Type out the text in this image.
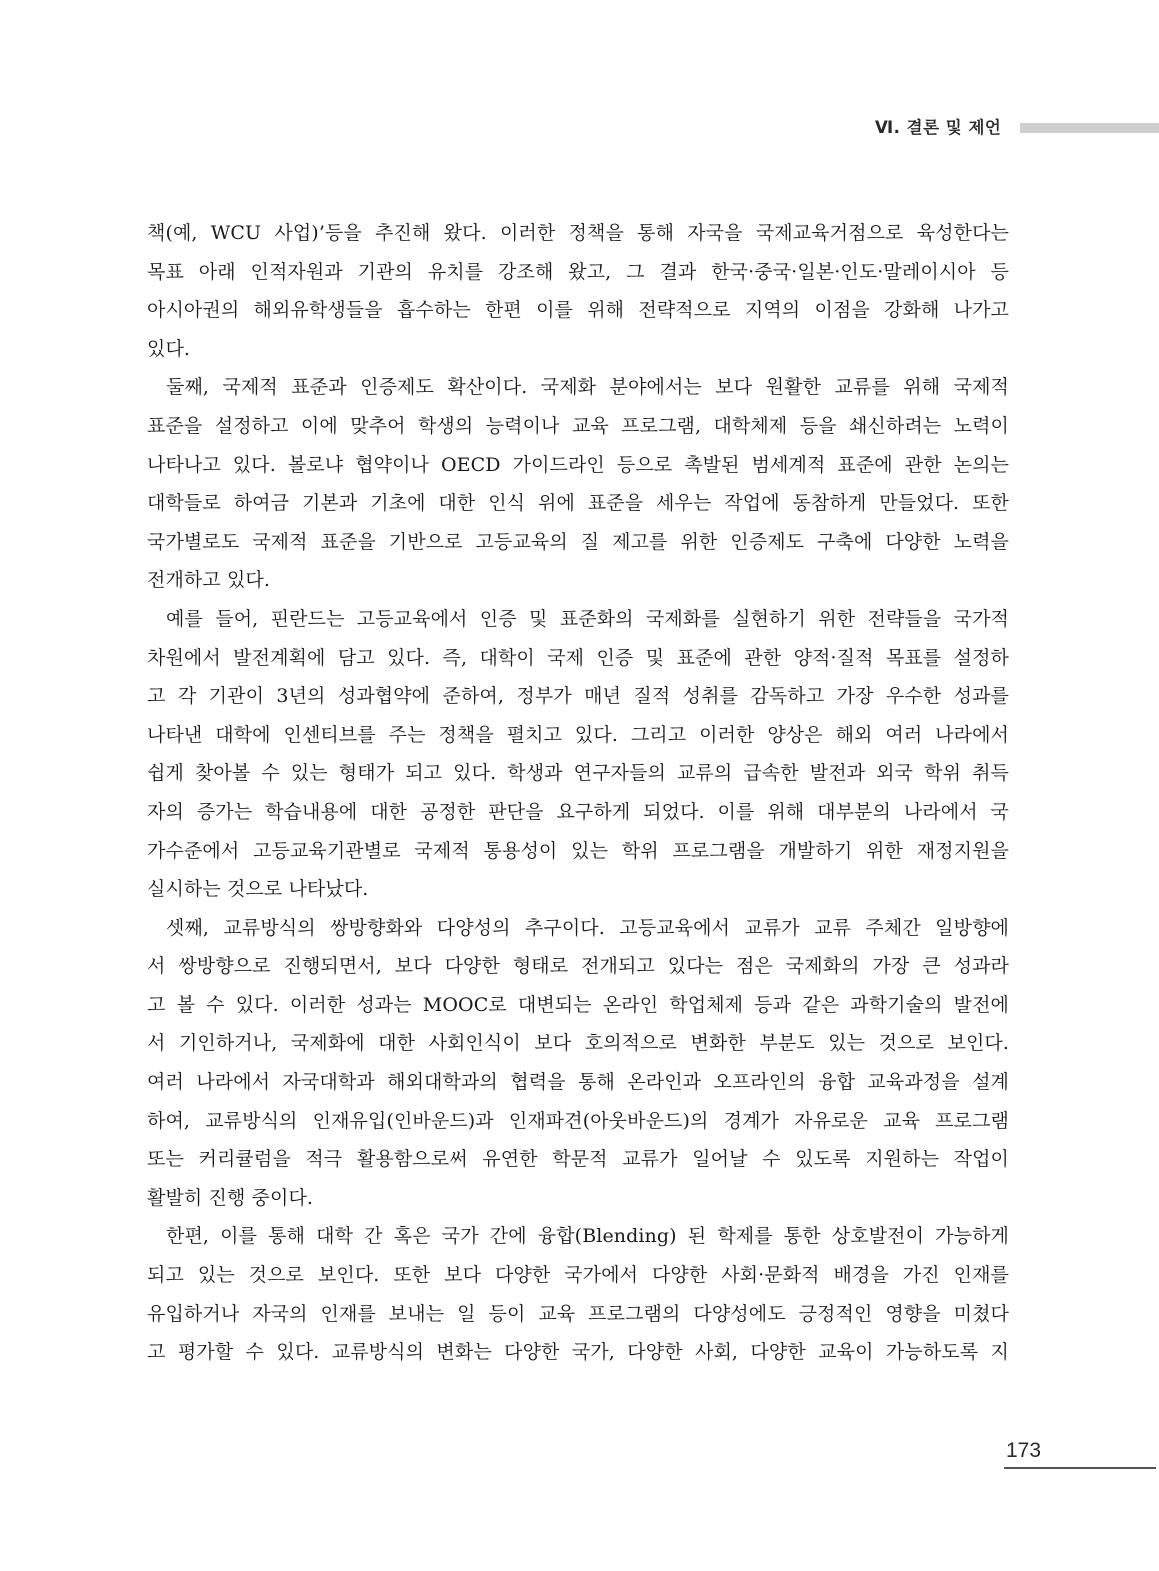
Ⅵ. 결론 및 제언
책(예, WCU 사업)’등을 추진해 왔다. 이러한 정책을 통해 자국을 국제교육거점으로 육성한다는
목표 아래 인적자원과 기관의 유치를 강조해 왔고, 그 결과 한국·중국·일본·인도·말레이시아 등
아시아권의 해외유학생들을 흡수하는 한편 이를 위해 전략적으로 지역의 이점을 강화해 나가고
있다.
둘째, 국제적 표준과 인증제도 확산이다. 국제화 분야에서는 보다 원활한 교류를 위해 국제적
표준을 설정하고 이에 맞추어 학생의 능력이나 교육 프로그램, 대학체제 등을 쇄신하려는 노력이
나타나고 있다. 볼로냐 협약이나 OECD 가이드라인 등으로 촉발된 범세계적 표준에 관한 논의는
대학들로 하여금 기본과 기초에 대한 인식 위에 표준을 세우는 작업에 동참하게 만들었다. 또한
국가별로도 국제적 표준을 기반으로 고등교육의 질 제고를 위한 인증제도 구축에 다양한 노력을
전개하고 있다.
예를 들어, 핀란드는 고등교육에서 인증 및 표준화의 국제화를 실현하기 위한 전략들을 국가적
차원에서 발전계획에 담고 있다. 즉, 대학이 국제 인증 및 표준에 관한 양적·질적 목표를 설정하
고 각 기관이 3년의 성과협약에 준하여, 정부가 매년 질적 성취를 감독하고 가장 우수한 성과를
나타낸 대학에 인센티브를 주는 정책을 펼치고 있다. 그리고 이러한 양상은 해외 여러 나라에서
쉽게 찾아볼 수 있는 형태가 되고 있다. 학생과 연구자들의 교류의 급속한 발전과 외국 학위 취득
자의 증가는 학습내용에 대한 공정한 판단을 요구하게 되었다. 이를 위해 대부분의 나라에서 국
가수준에서 고등교육기관별로 국제적 통용성이 있는 학위 프로그램을 개발하기 위한 재정지원을
실시하는 것으로 나타났다.
셋째, 교류방식의 쌍방향화와 다양성의 추구이다. 고등교육에서 교류가 교류 주체간 일방향에
서 쌍방향으로 진행되면서, 보다 다양한 형태로 전개되고 있다는 점은 국제화의 가장 큰 성과라
고 볼 수 있다. 이러한 성과는 MOOC로 대변되는 온라인 학업체제 등과 같은 과학기술의 발전에
서 기인하거나, 국제화에 대한 사회인식이 보다 호의적으로 변화한 부분도 있는 것으로 보인다.
여러 나라에서 자국대학과 해외대학과의 협력을 통해 온라인과 오프라인의 융합 교육과정을 설계
하여, 교류방식의 인재유입(인바운드)과 인재파견(아웃바운드)의 경계가 자유로운 교육 프로그램
또는 커리큘럼을 적극 활용함으로써 유연한 학문적 교류가 일어날 수 있도록 지원하는 작업이
활발히 진행 중이다.
한편, 이를 통해 대학 간 혹은 국가 간에 융합(Blending) 된 학제를 통한 상호발전이 가능하게
되고 있는 것으로 보인다. 또한 보다 다양한 국가에서 다양한 사회·문화적 배경을 가진 인재를
유입하거나 자국의 인재를 보내는 일 등이 교육 프로그램의 다양성에도 긍정적인 영향을 미쳤다
고 평가할 수 있다. 교류방식의 변화는 다양한 국가, 다양한 사회, 다양한 교육이 가능하도록 지
173
